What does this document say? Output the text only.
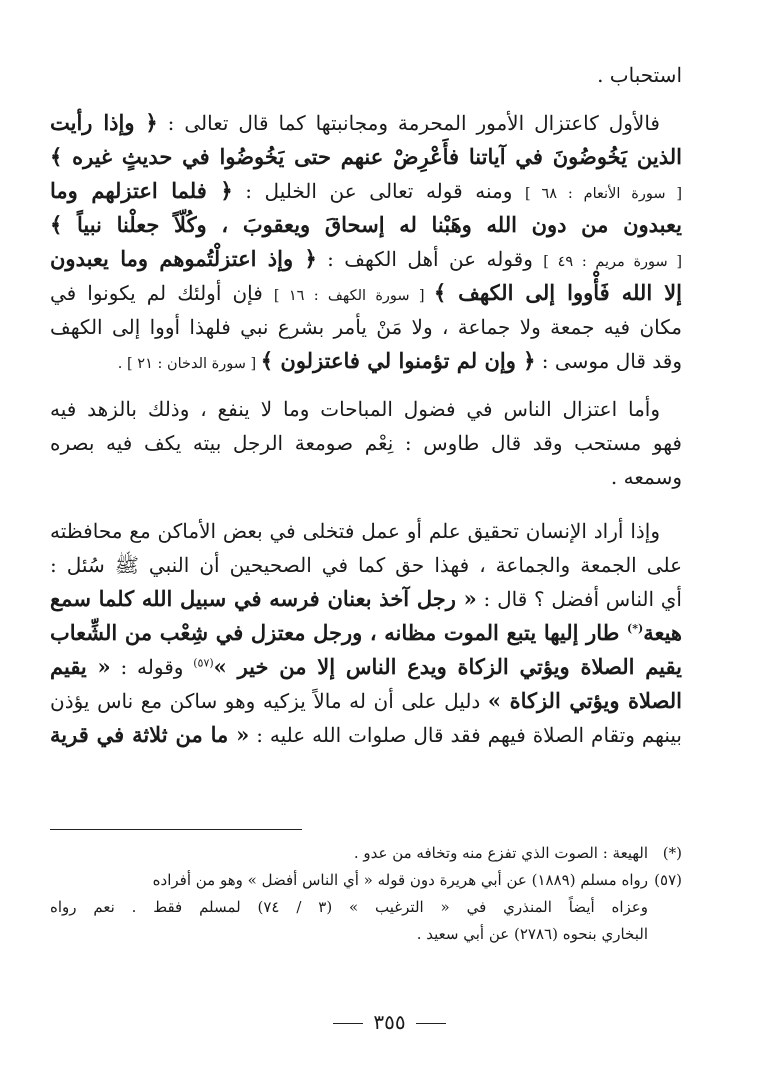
استحباب .
فالأول كاعتزال الأمور المحرمة ومجانبتها كما قال تعالى : ﴿ وإذا رأيت
الذين يَخُوضُونَ في آياتنا فأَعْرِضْ عنهم حتى يَخُوضُوا في حديثٍ غيره ﴾
[ سورة الأنعام : ٦٨ ] ومنه قوله تعالى عن الخليل : ﴿ فلما اعتزلهم وما
يعبدون من دون الله وهَبْنا له إسحاقَ ويعقوبَ ، وكُلّاً جعلْنا نبياً ﴾
[ سورة مريم : ٤٩ ] وقوله عن أهل الكهف : ﴿ وإذ اعتزلْتُموهم وما يعبدون
إلا الله فَأْووا إلى الكهف ﴾ [ سورة الكهف : ١٦ ] فإن أولئك لم يكونوا في
مكان فيه جمعة ولا جماعة ، ولا مَنْ يأمر بشرع نبي فلهذا أووا إلى الكهف
وقد قال موسى : ﴿ وإن لم تؤمنوا لي فاعتزلون ﴾ [ سورة الدخان : ٢١ ] .
وأما اعتزال الناس في فضول المباحات وما لا ينفع ، وذلك بالزهد فيه
فهو مستحب وقد قال طاوس : نِعْم صومعة الرجل بيته يكف فيه بصره
وسمعه .
وإذا أراد الإنسان تحقيق علم أو عمل فتخلى في بعض الأماكن مع محافظته
على الجمعة والجماعة ، فهذا حق كما في الصحيحين أن النبي ﷺ سُئل :
أي الناس أفضل ؟ قال : « رجل آخذ بعنان فرسه في سبيل الله كلما سمع
هيعة(*) طار إليها يتبع الموت مظانه ، ورجل معتزل في شِعْب من الشِّعاب
يقيم الصلاة ويؤتي الزكاة ويدع الناس إلا من خير »$^{(٥٧)}$ وقوله : « يقيم
الصلاة ويؤتي الزكاة » دليل على أن له مالاً يزكيه وهو ساكن مع ناس يؤذن
بينهم وتقام الصلاة فيهم فقد قال صلوات الله عليه : « ما من ثلاثة في قرية
(*)الهيعة : الصوت الذي تفزع منه وتخافه من عدو .
(٥٧)رواه مسلم (١٨٨٩) عن أبي هريرة دون قوله « أي الناس أفضل » وهو من أفراده
وعزاه أيضاً المنذري في « الترغيب » (٣ / ٧٤) لمسلم فقط . نعم رواه
البخاري بنحوه (٢٧٨٦) عن أبي سعيد .
٣٥٥
